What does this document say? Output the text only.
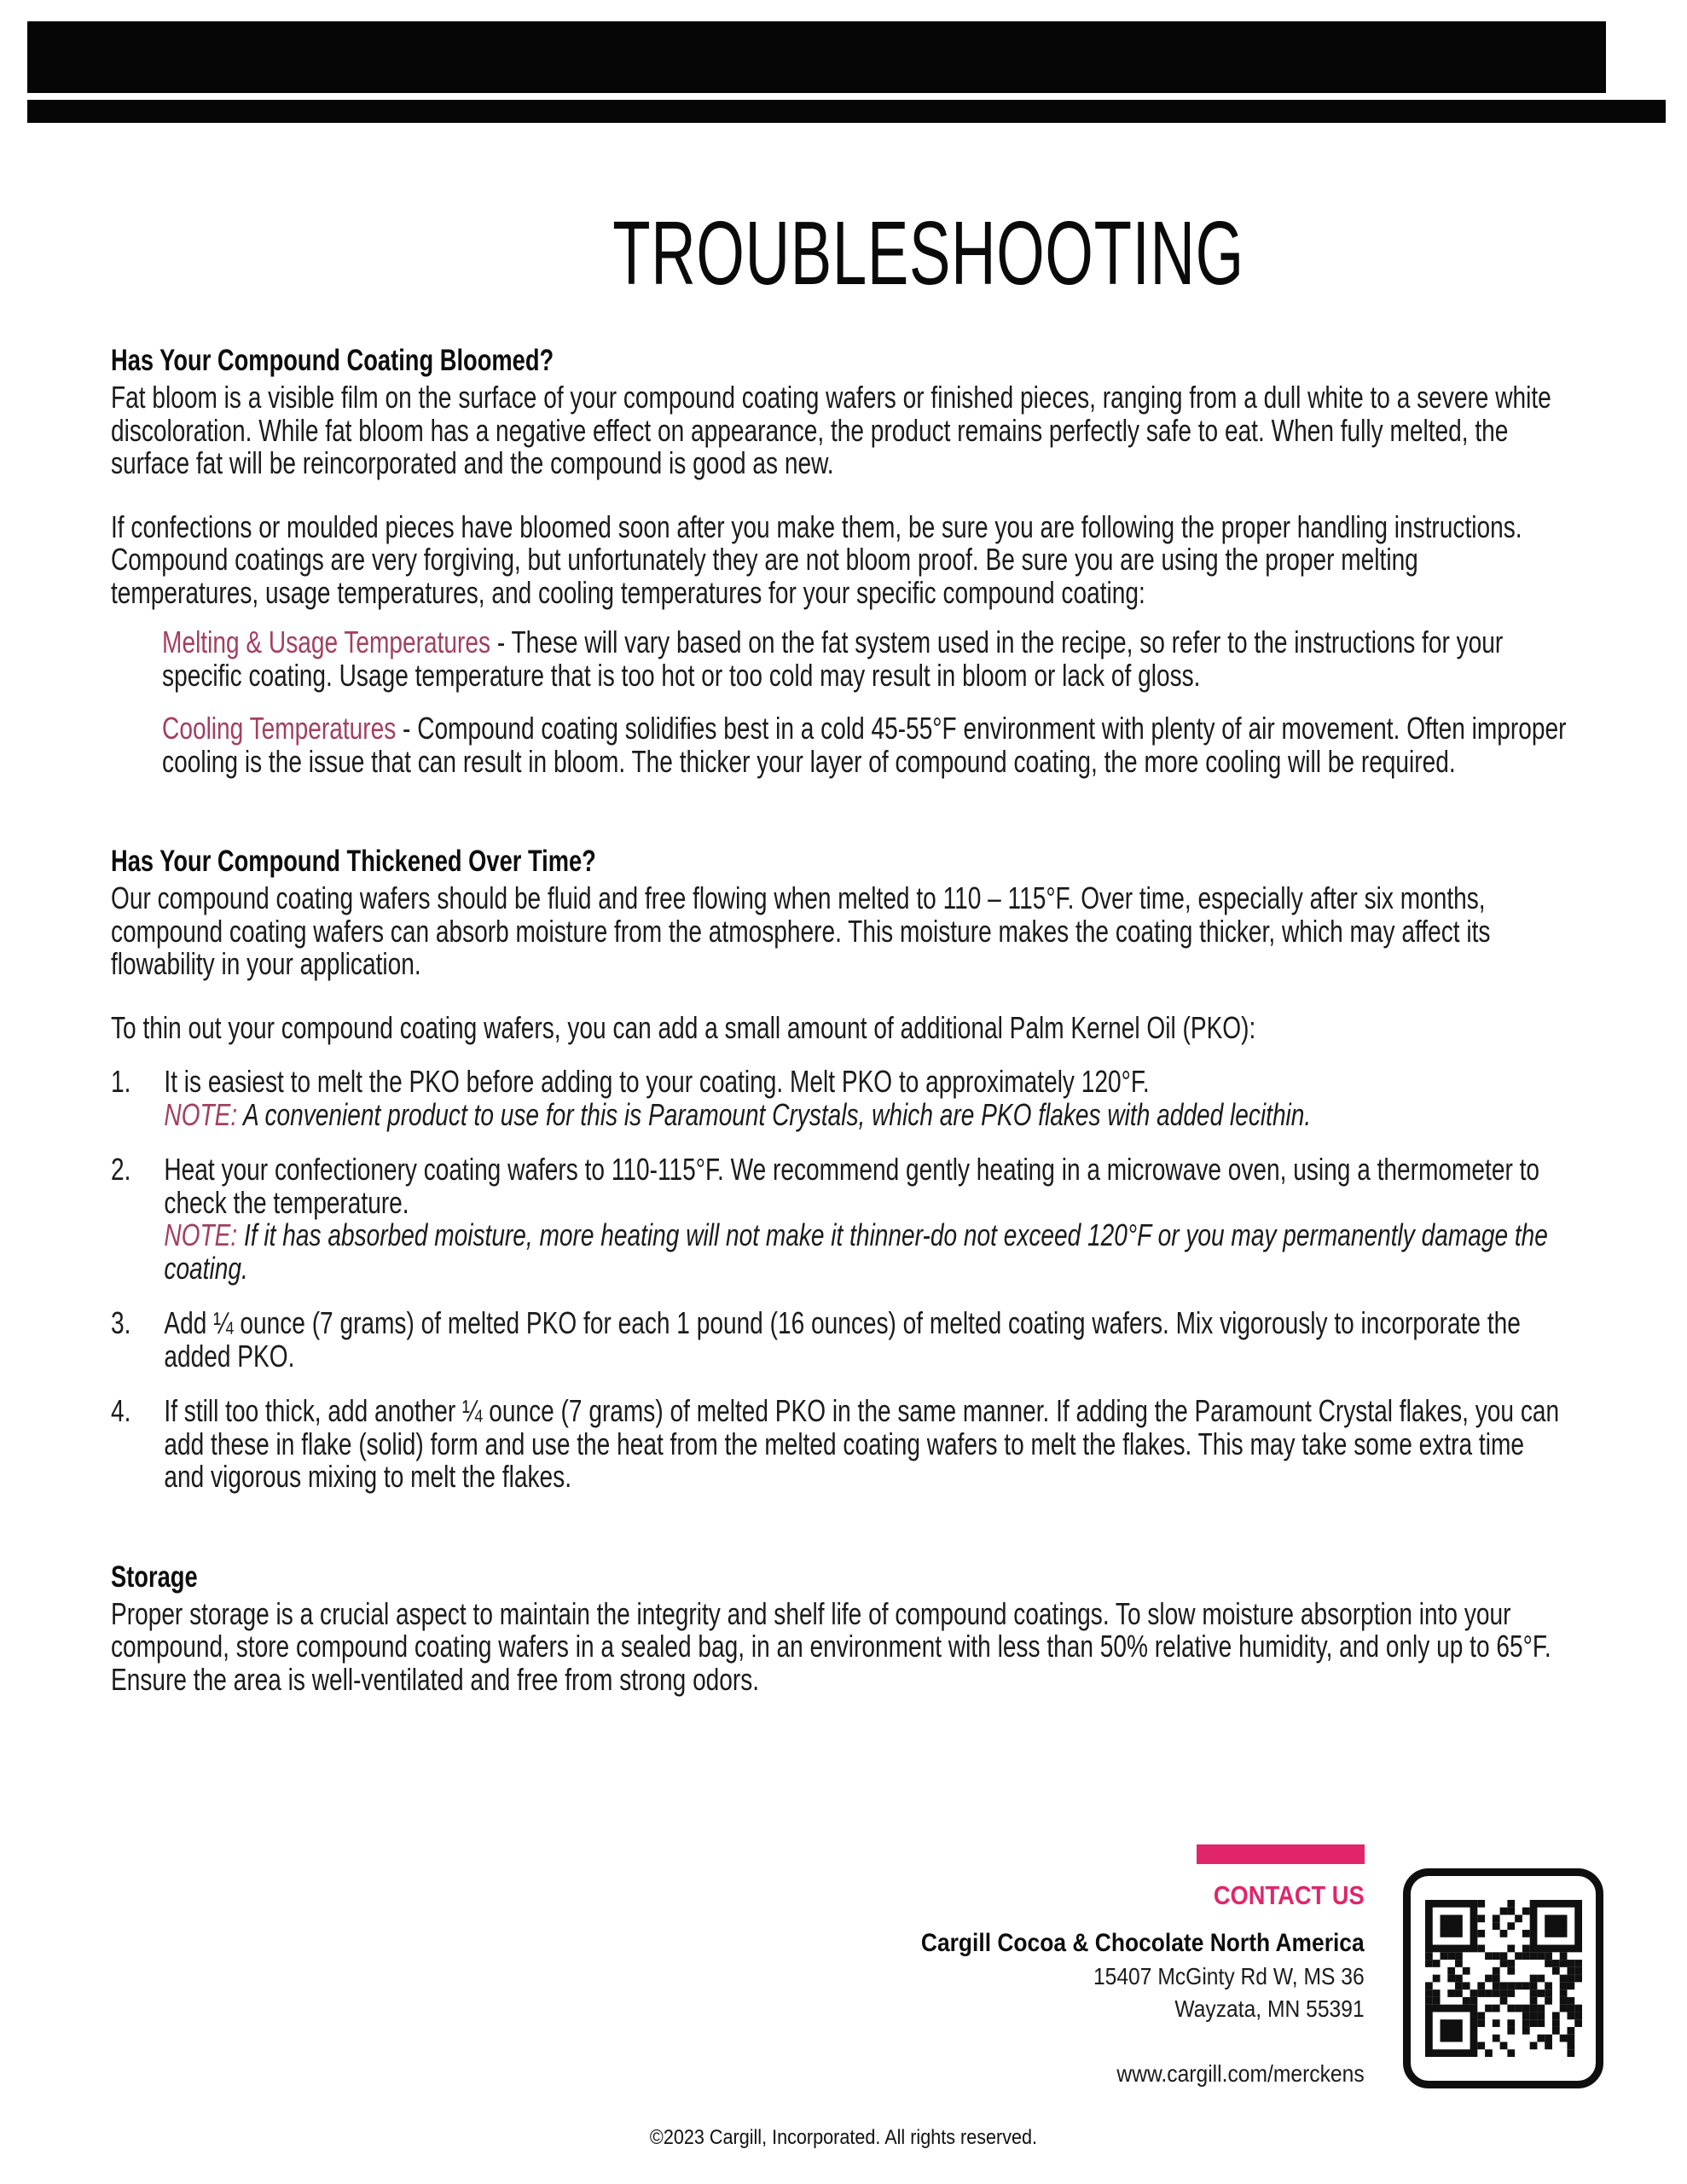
TROUBLESHOOTING
Has Your Compound Coating Bloomed?

Fat bloom is a visible film on the surface of your compound coating wafers or finished pieces, ranging from a dull white to a severe white discoloration. While fat bloom has a negative effect on appearance, the product remains perfectly safe to eat. When fully melted, the surface fat will be reincorporated and the compound is good as new.

If confections or moulded pieces have bloomed soon after you make them, be sure you are following the proper handling instructions. Compound coatings are very forgiving, but unfortunately they are not bloom proof. Be sure you are using the proper melting temperatures, usage temperatures, and cooling temperatures for your specific compound coating:

Melting & Usage Temperatures - These will vary based on the fat system used in the recipe, so refer to the instructions for your specific coating. Usage temperature that is too hot or too cold may result in bloom or lack of gloss.
Cooling Temperatures - Compound coating solidifies best in a cold 45-55°F environment with plenty of air movement. Often improper cooling is the issue that can result in bloom. The thicker your layer of compound coating, the more cooling will be required.
Has Your Compound Thickened Over Time?

Our compound coating wafers should be fluid and free flowing when melted to 110 – 115°F. Over time, especially after six months, compound coating wafers can absorb moisture from the atmosphere. This moisture makes the coating thicker, which may affect its flowability in your application.

To thin out your compound coating wafers, you can add a small amount of additional Palm Kernel Oil (PKO):

1. It is easiest to melt the PKO before adding to your coating. Melt PKO to approximately 120°F.
NOTE: A convenient product to use for this is Paramount Crystals, which are PKO flakes with added lecithin.
2. Heat your confectionery coating wafers to 110-115°F. We recommend gently heating in a microwave oven, using a thermometer to check the temperature.
NOTE: If it has absorbed moisture, more heating will not make it thinner-do not exceed 120°F or you may permanently damage the coating.
3. Add ¼ ounce (7 grams) of melted PKO for each 1 pound (16 ounces) of melted coating wafers. Mix vigorously to incorporate the added PKO.
4. If still too thick, add another ¼ ounce (7 grams) of melted PKO in the same manner. If adding the Paramount Crystal flakes, you can add these in flake (solid) form and use the heat from the melted coating wafers to melt the flakes. This may take some extra time and vigorous mixing to melt the flakes.
Storage

Proper storage is a crucial aspect to maintain the integrity and shelf life of compound coatings. To slow moisture absorption into your compound, store compound coating wafers in a sealed bag, in an environment with less than 50% relative humidity, and only up to 65°F. Ensure the area is well-ventilated and free from strong odors.

CONTACT US
Cargill Cocoa & Chocolate North America
15407 McGinty Rd W, MS 36
Wayzata, MN 55391
www.cargill.com/merckens
©2023 Cargill, Incorporated. All rights reserved.
